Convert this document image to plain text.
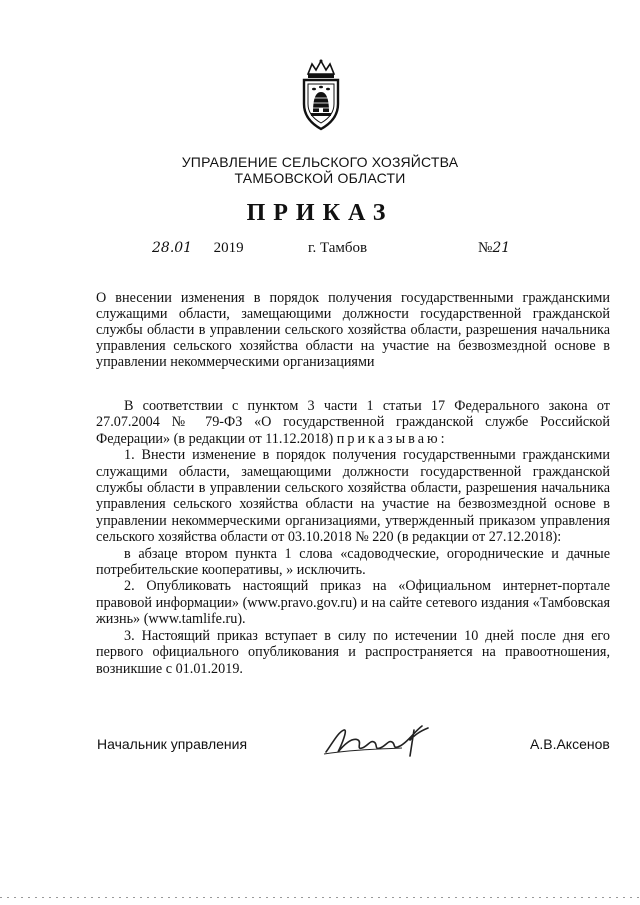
УПРАВЛЕНИЕ СЕЛЬСКОГО ХОЗЯЙСТВА
ТАМБОВСКОЙ ОБЛАСТИ
ПРИКАЗ
28.01 2019	г. Тамбов	№21
О внесении изменения в порядок получения государственными гражданскими служащими области, замещающими должности государственной гражданской службы области в управлении сельского хозяйства области, разрешения начальника управления сельского хозяйства области на участие на безвозмездной основе в управлении некоммерческими организациями

В соответствии с пунктом 3 части 1 статьи 17 Федерального закона от 27.07.2004 № 79-ФЗ «О государственной гражданской службе Российской Федерации» (в редакции от 11.12.2018) приказываю:

1. Внести изменение в порядок получения государственными гражданскими служащими области, замещающими должности государственной гражданской службы области в управлении сельского хозяйства области, разрешения начальника управления сельского хозяйства области на участие на безвозмездной основе в управлении некоммерческими организациями, утвержденный приказом управления сельского хозяйства области от 03.10.2018 № 220 (в редакции от 27.12.2018):

в абзаце втором пункта 1 слова «садоводческие, огороднические и дачные потребительские кооперативы, » исключить.

2. Опубликовать настоящий приказ на «Официальном интернет-портале правовой информации» (www.pravo.gov.ru) и на сайте сетевого издания «Тамбовская жизнь» (www.tamlife.ru).

3. Настоящий приказ вступает в силу по истечении 10 дней после дня его первого официального опубликования и распространяется на правоотношения, возникшие с 01.01.2019.

Начальник управления	А.В.Аксенов
